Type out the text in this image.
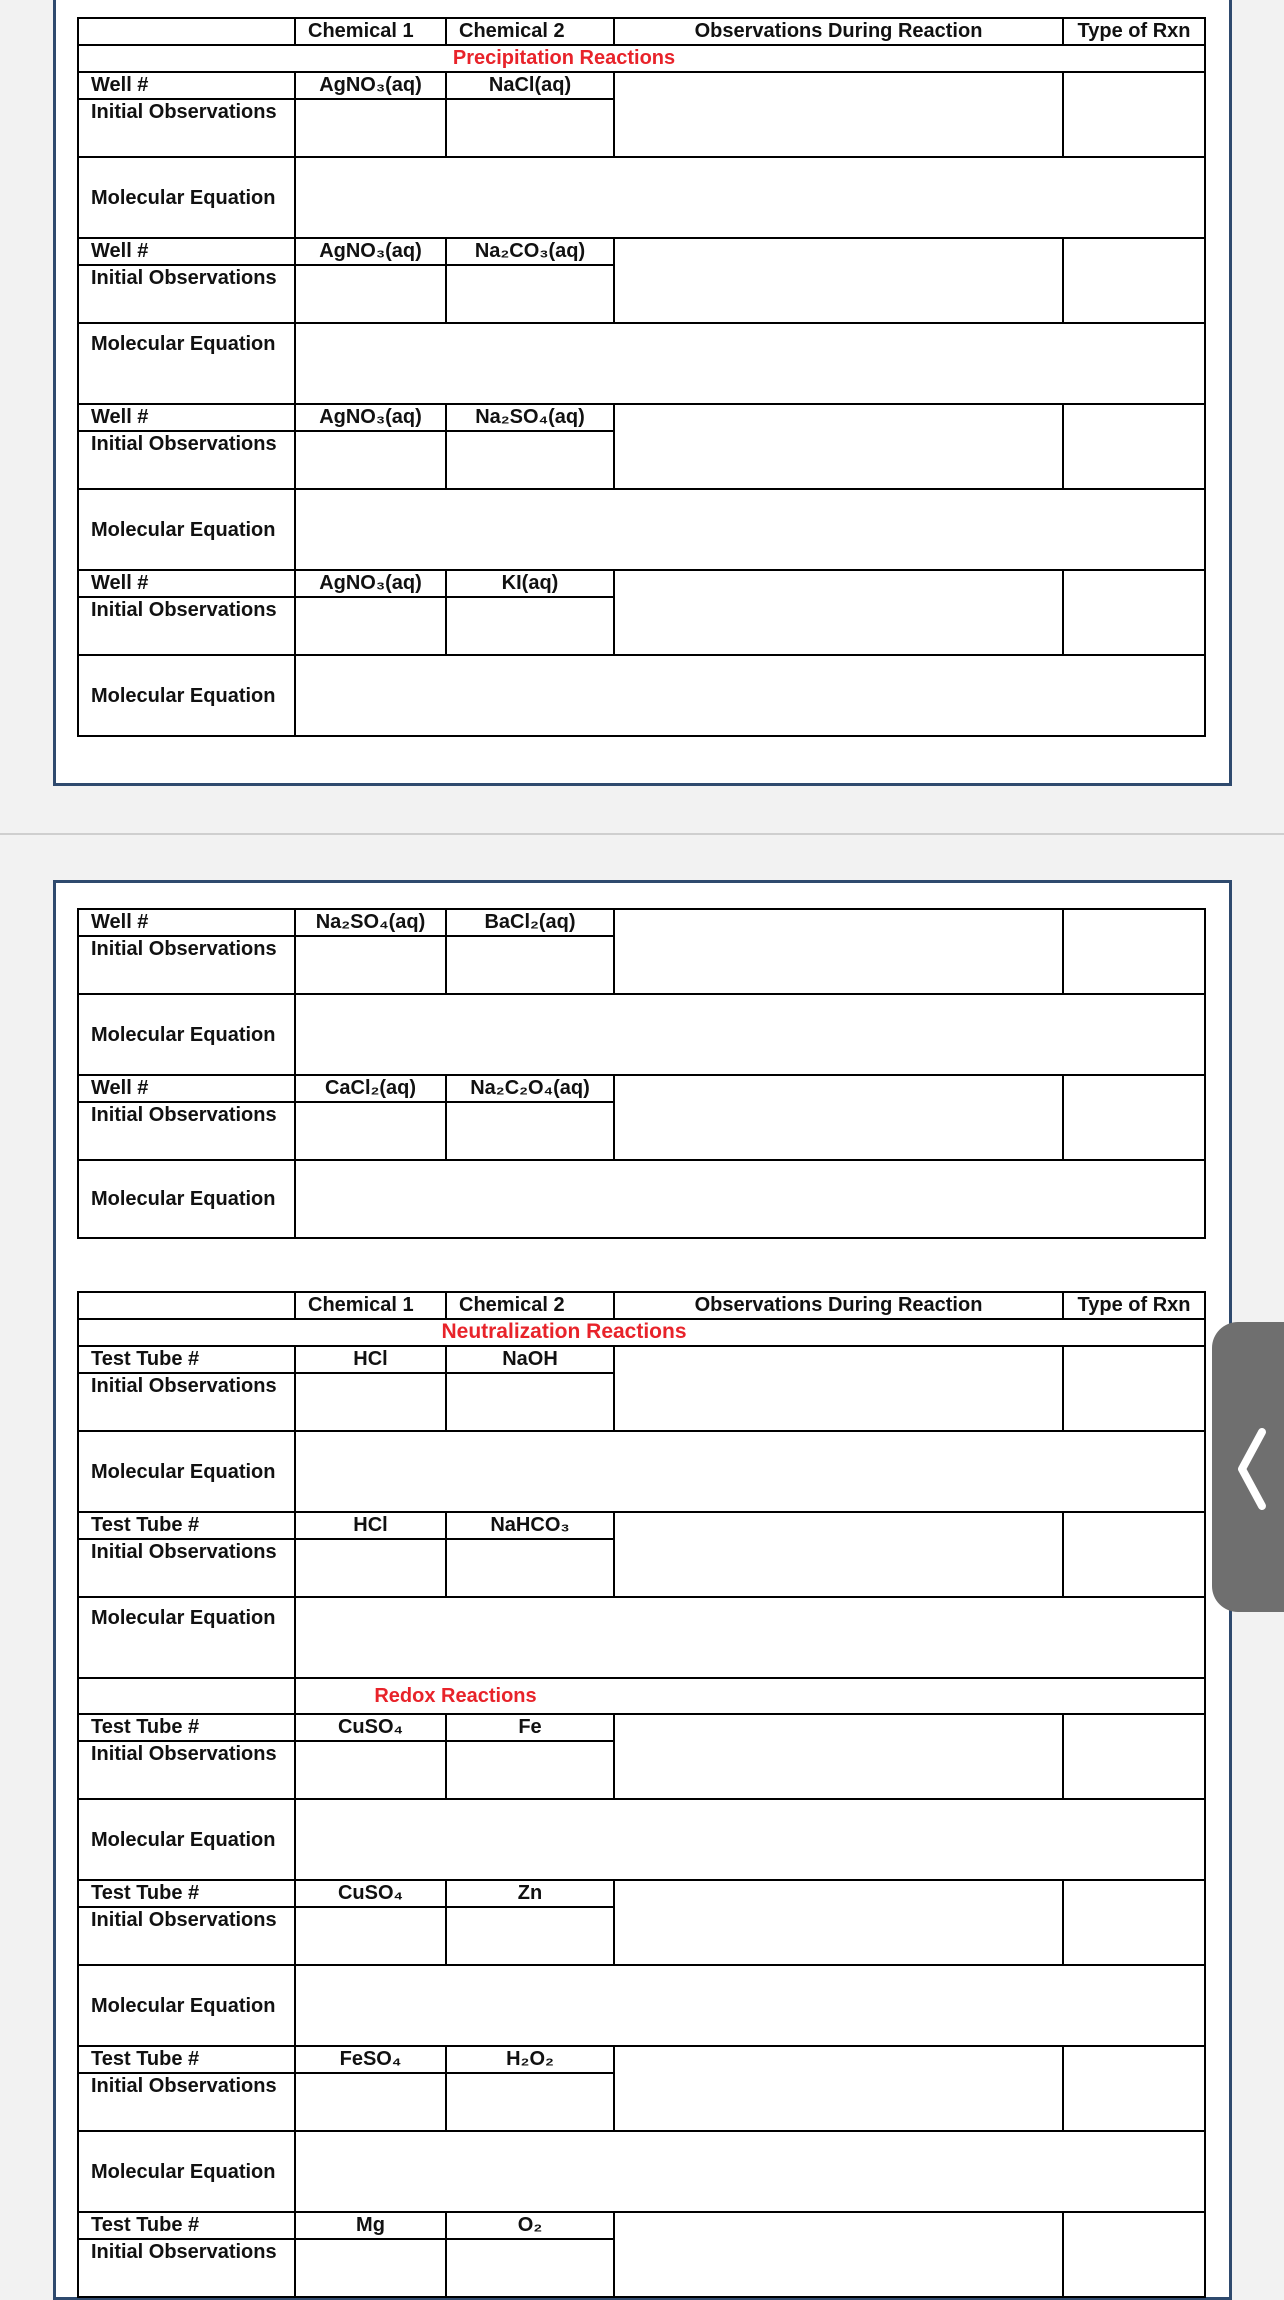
	Chemical 1	Chemical 2	Observations During Reaction	Type of Rxn

Precipitation Reactions				

Well #	AgNO₃(aq)	NaCl(aq)		
Initial Observations				
Molecular Equation				
Well #	AgNO₃(aq)	Na₂CO₃(aq)		
Initial Observations				
Molecular Equation				
Well #	AgNO₃(aq)	Na₂SO₄(aq)		
Initial Observations				
Molecular Equation				
Well #	AgNO₃(aq)	KI(aq)		
Initial Observations				
Molecular Equation				
Well #	Na₂SO₄(aq)	BaCl₂(aq)		
Initial Observations				
Molecular Equation				
Well #	CaCl₂(aq)	Na₂C₂O₄(aq)		
Initial Observations				
Molecular Equation				
	Chemical 1	Chemical 2	Observations During Reaction	Type of Rxn

Neutralization Reactions				

Test Tube #	HCl	NaOH		
Initial Observations				
Molecular Equation				
Test Tube #	HCl	NaHCO₃		
Initial Observations				
Molecular Equation				

	Redox Reactions			

Test Tube #	CuSO₄	Fe		
Initial Observations				
Molecular Equation				
Test Tube #	CuSO₄	Zn		
Initial Observations				
Molecular Equation				
Test Tube #	FeSO₄	H₂O₂		
Initial Observations				
Molecular Equation				
Test Tube #	Mg	O₂		
Initial Observations				
